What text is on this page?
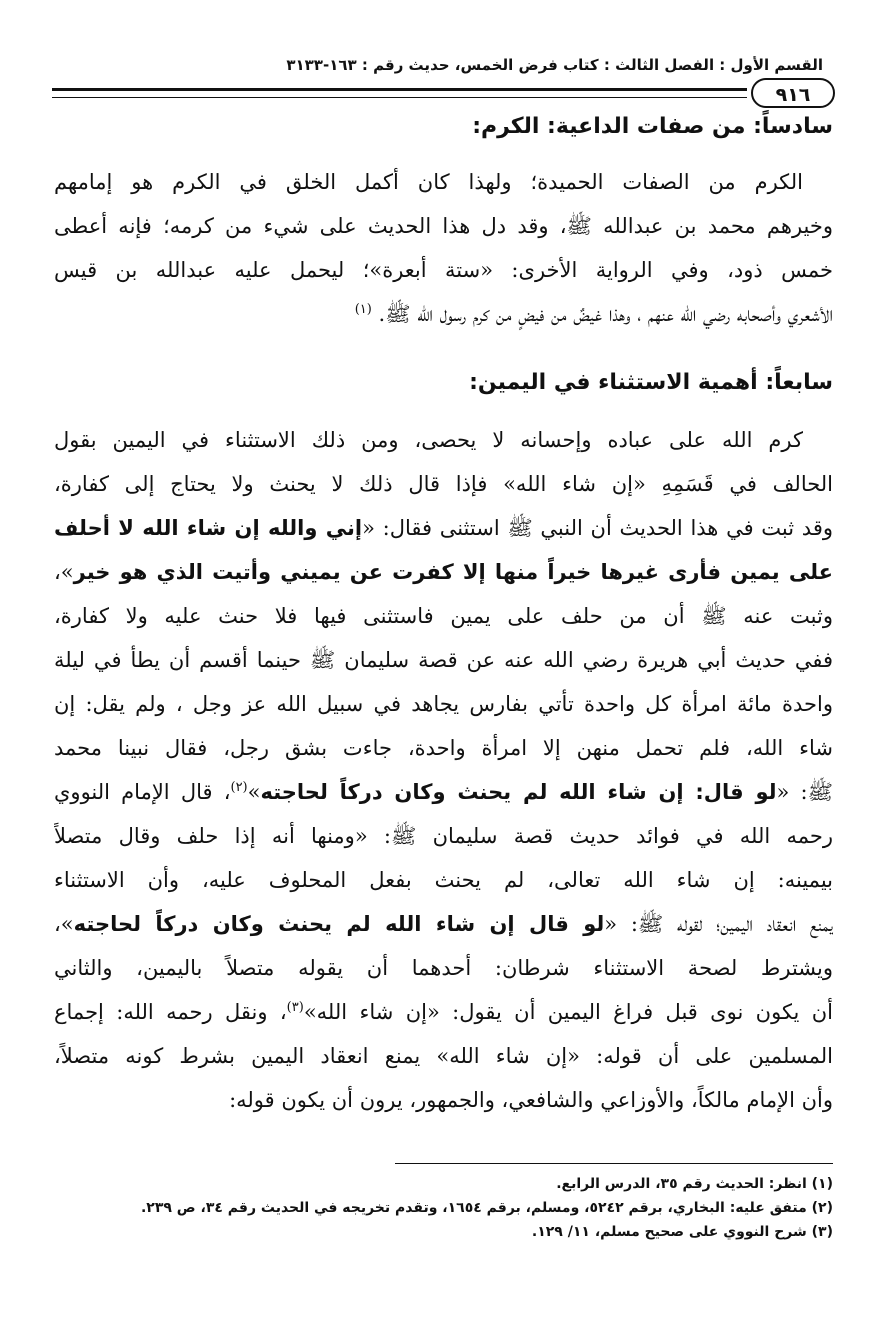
القسم الأول : الفصل الثالث : كتاب فرض الخمس، حديث رقم : ١٦٣-٣١٣٣
٩١٦
سادساً: من صفات الداعية: الكرم:
الكرم من الصفات الحميدة؛ ولهذا كان أكمل الخلق في الكرم هو إمامهم
وخيرهم محمد بن عبدالله ﷺ، وقد دل هذا الحديث على شيء من كرمه؛ فإنه أعطى
خمس ذود، وفي الرواية الأخرى: «ستة أبعرة»؛ ليحمل عليه عبدالله بن قيس
الأشعري وأصحابه رضي الله عنهم ، وهذا غيضٌ من فيضٍ من كرم رسول الله ﷺ. $^{(١)}$
سابعاً: أهمية الاستثناء في اليمين:
كرم الله على عباده وإحسانه لا يحصى، ومن ذلك الاستثناء في اليمين بقول
الحالف في قَسَمِهِ «إن شاء الله» فإذا قال ذلك لا يحنث ولا يحتاج إلى كفارة،
وقد ثبت في هذا الحديث أن النبي ﷺ استثنى فقال: «إني والله إن شاء الله لا أحلف
على يمين فأرى غيرها خيراً منها إلا كفرت عن يميني وأتيت الذي هو خير»،
وثبت عنه ﷺ أن من حلف على يمين فاستثنى فيها فلا حنث عليه ولا كفارة،
ففي حديث أبي هريرة رضي الله عنه عن قصة سليمان ﷺ حينما أقسم أن يطأ في ليلة
واحدة مائة امرأة كل واحدة تأتي بفارس يجاهد في سبيل الله عز وجل ، ولم يقل: إن
شاء الله، فلم تحمل منهن إلا امرأة واحدة، جاءت بشق رجل، فقال نبينا محمد
ﷺ: «لو قال: إن شاء الله لم يحنث وكان دركاً لحاجته»$^{(٢)}$، قال الإمام النووي
رحمه الله في فوائد حديث قصة سليمان ﷺ: «ومنها أنه إذا حلف وقال متصلاً
بيمينه: إن شاء الله تعالى، لم يحنث بفعل المحلوف عليه، وأن الاستثناء
يمنع انعقاد اليمين؛ لقوله ﷺ: «لو قال إن شاء الله لم يحنث وكان دركاً لحاجته»،
ويشترط لصحة الاستثناء شرطان: أحدهما أن يقوله متصلاً باليمين، والثاني
أن يكون نوى قبل فراغ اليمين أن يقول: «إن شاء الله»$^{(٣)}$، ونقل رحمه الله: إجماع
المسلمين على أن قوله: «إن شاء الله» يمنع انعقاد اليمين بشرط كونه متصلاً،
وأن الإمام مالكاً، والأوزاعي والشافعي، والجمهور، يرون أن يكون قوله:
(١) انظر: الحديث رقم ٣٥، الدرس الرابع.
(٢) متفق عليه: البخاري، برقم ٥٢٤٢، ومسلم، برقم ١٦٥٤، وتقدم تخريجه في الحديث رقم ٣٤، ص ٢٣٩.
(٣) شرح النووي على صحيح مسلم، ١١/ ١٢٩.
